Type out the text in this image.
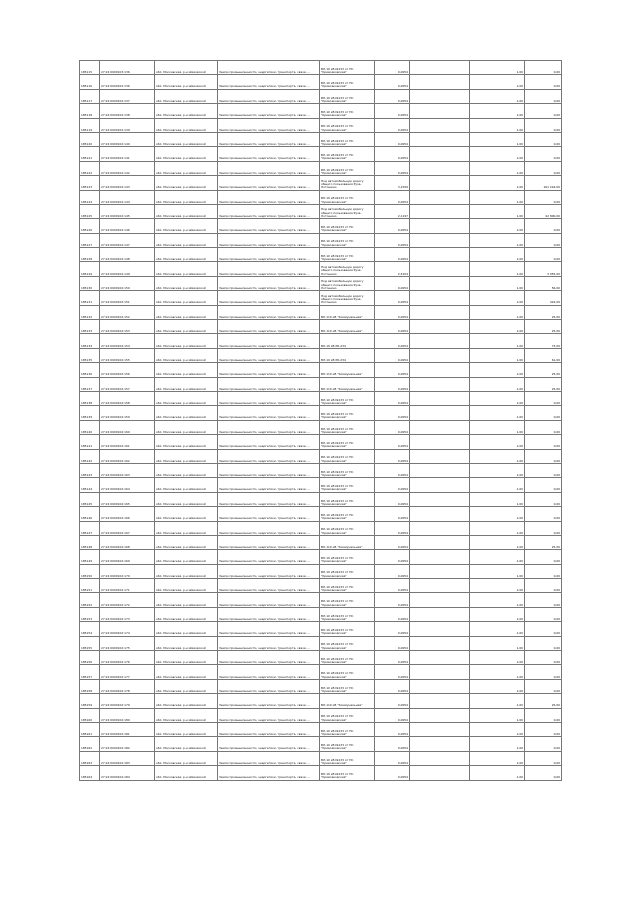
185115	27:22:0000103:136	обл. Московская, р-н Шаховской	Земли промышленности, энергетики, транспорта, связи, ...	ВЛ-10 кВ №133 от ПС "Кривояковская"	0,0054		1,00	0,00
185116	27:22:0000102:136	обл. Московская, р-н Шаховской	Земли промышленности, энергетики, транспорта, связи, ...	ВЛ-10 кВ №133 от ПС "Кривояковская"	0,0054		1,00	0,00
185117	27:22:0000102:137	обл. Московская, р-н Шаховской	Земли промышленности, энергетики, транспорта, связи, ...	ВЛ-10 кВ №133 от ПС "Кривояковская"	0,0054		1,00	0,00
185118	27:22:0000102:138	обл. Московская, р-н Шаховской	Земли промышленности, энергетики, транспорта, связи, ...	ВЛ-10 кВ №133 от ПС "Кривояковская"	0,0054		1,00	0,00
185119	27:22:0000102:139	обл. Московская, р-н Шаховской	Земли промышленности, энергетики, транспорта, связи, ...	ВЛ-10 кВ №133 от ПС "Кривояковская"	0,0054		1,00	0,00
185120	27:22:0000102:140	обл. Московская, р-н Шаховской	Земли промышленности, энергетики, транспорта, связи, ...	ВЛ-10 кВ №133 от ПС "Кривояковская"	0,0054		1,00	0,00
185121	27:22:0000102:141	обл. Московская, р-н Шаховской	Земли промышленности, энергетики, транспорта, связи, ...	ВЛ-10 кВ №133 от ПС "Кривояковская"	0,0054		1,00	0,00
185122	27:22:0000102:142	обл. Московская, р-н Шаховской	Земли промышленности, энергетики, транспорта, связи, ...	ВЛ-10 кВ №133 от ПС "Кривояковская"	0,0054		1,00	0,00
185123	27:22:0000102:143	обл. Московская, р-н Шаховской	Земли промышленности, энергетики, транспорта, связи, ...	Под автомобильную дорогу общего пользования Руза-Лотошино	3,1599		1,00	161 244,00
185124	27:22:0000102:144	обл. Московская, р-н Шаховской	Земли промышленности, энергетики, транспорта, связи, ...	ВЛ-10 кВ №133 от ПС "Кривояковская"	0,0054		1,00	0,00
185125	27:22:0000102:145	обл. Московская, р-н Шаховской	Земли промышленности, энергетики, транспорта, связи, ...	Под автомобильную дорогу общего пользования Руза-Лотошино	2,1197		1,00	42 800,00
185126	27:22:0000102:146	обл. Московская, р-н Шаховской	Земли промышленности, энергетики, транспорта, связи, ...	ВЛ-10 кВ №133 от ПС "Кривояковская"	0,0054		1,00	0,00
185127	27:22:0000102:147	обл. Московская, р-н Шаховской	Земли промышленности, энергетики, транспорта, связи, ...	ВЛ-10 кВ №133 от ПС "Кривояковская"	0,0054		1,00	0,00
185128	27:22:0000102:148	обл. Московская, р-н Шаховской	Земли промышленности, энергетики, транспорта, связи, ...	ВЛ-10 кВ №133 от ПС "Кривояковская"	0,0054		1,00	0,00
185129	27:22:0000102:149	обл. Московская, р-н Шаховской	Земли промышленности, энергетики, транспорта, связи, ...	Под автомобильную дорогу общего пользования Руза-Лотошино	2,5104		1,00	3 955,00
185130	27:22:0000102:150	обл. Московская, р-н Шаховской	Земли промышленности, энергетики, транспорта, связи, ...	Под автомобильную дорогу общего пользования Руза-Лотошино	0,0054		1,00	56,00
185131	27:22:0000102:151	обл. Московская, р-н Шаховской	Земли промышленности, энергетики, транспорта, связи, ...	Под автомобильную дорогу общего пользования Руза-Лотошино	0,0054		1,00	422,00
185132	27:22:0000102:152	обл. Московская, р-н Шаховской	Земли промышленности, энергетики, транспорта, связи, ...	ВЛ-110 кВ "Коммунальная"	0,0054		1,00	25,00
185133	27:22:0000102:153	обл. Московская, р-н Шаховской	Земли промышленности, энергетики, транспорта, связи, ...	ВЛ-110 кВ "Коммунальная"	0,0054		1,00	25,00
185134	27:22:0000102:154	обл. Московская, р-н Шаховской	Земли промышленности, энергетики, транспорта, связи, ...	ВЛ-10 кВ РК-234	0,0054		1,00	73,00
185135	27:22:0000102:155	обл. Московская, р-н Шаховской	Земли промышленности, энергетики, транспорта, связи, ...	ВЛ-10 кВ РК-234	0,0054		1,00	61,00
185136	27:22:0000102:156	обл. Московская, р-н Шаховской	Земли промышленности, энергетики, транспорта, связи, ...	ВЛ-110 кВ "Коммунальная"	0,0054		1,00	25,00
185137	27:22:0000102:157	обл. Московская, р-н Шаховской	Земли промышленности, энергетики, транспорта, связи, ...	ВЛ-110 кВ "Коммунальная"	0,0054		1,00	25,00
185138	27:22:0000102:158	обл. Московская, р-н Шаховской	Земли промышленности, энергетики, транспорта, связи, ...	ВЛ-10 кВ №133 от ПС "Кривояковская"	0,0054		1,00	0,00
185139	27:22:0000102:159	обл. Московская, р-н Шаховской	Земли промышленности, энергетики, транспорта, связи, ...	ВЛ-10 кВ №133 от ПС "Кривояковская"	0,0054		1,00	0,00
185140	27:22:0000102:160	обл. Московская, р-н Шаховской	Земли промышленности, энергетики, транспорта, связи, ...	ВЛ-10 кВ №133 от ПС "Кривояковская"	0,0054		1,00	0,00
185141	27:22:0000102:161	обл. Московская, р-н Шаховской	Земли промышленности, энергетики, транспорта, связи, ...	ВЛ-10 кВ №133 от ПС "Кривояковская"	0,0054		1,00	0,00
185142	27:22:0000102:162	обл. Московская, р-н Шаховской	Земли промышленности, энергетики, транспорта, связи, ...	ВЛ-10 кВ №133 от ПС "Кривояковская"	0,0054		1,00	0,00
185143	27:22:0000102:163	обл. Московская, р-н Шаховской	Земли промышленности, энергетики, транспорта, связи, ...	ВЛ-10 кВ №133 от ПС "Кривояковская"	0,0054		1,00	0,00
185144	27:22:0000102:164	обл. Московская, р-н Шаховской	Земли промышленности, энергетики, транспорта, связи, ...	ВЛ-10 кВ №133 от ПС "Кривояковская"	0,0054		1,00	0,00
185145	27:22:0000102:165	обл. Московская, р-н Шаховской	Земли промышленности, энергетики, транспорта, связи, ...	ВЛ-10 кВ №133 от ПС "Кривояковская"	0,0054		1,00	0,00
185146	27:22:0000102:166	обл. Московская, р-н Шаховской	Земли промышленности, энергетики, транспорта, связи, ...	ВЛ-10 кВ №133 от ПС "Кривояковская"	0,0054		1,00	0,00
185147	27:22:0000102:167	обл. Московская, р-н Шаховской	Земли промышленности, энергетики, транспорта, связи, ...	ВЛ-10 кВ №133 от ПС "Кривояковская"	0,0054		1,00	0,00
185148	27:22:0000102:168	обл. Московская, р-н Шаховской	Земли промышленности, энергетики, транспорта, связи, ...	ВЛ-110 кВ "Коммунальная"	0,0054		1,00	25,00
185149	27:22:0000102:169	обл. Московская, р-н Шаховской	Земли промышленности, энергетики, транспорта, связи, ...	ВЛ-10 кВ №133 от ПС "Кривояковская"	0,0054		1,00	0,00
185150	27:22:0000102:170	обл. Московская, р-н Шаховской	Земли промышленности, энергетики, транспорта, связи, ...	ВЛ-10 кВ №133 от ПС "Кривояковская"	0,0054		1,00	0,00
185151	27:22:0000102:171	обл. Московская, р-н Шаховской	Земли промышленности, энергетики, транспорта, связи, ...	ВЛ-10 кВ №133 от ПС "Кривояковская"	0,0054		1,00	0,00
185152	27:22:0000102:172	обл. Московская, р-н Шаховской	Земли промышленности, энергетики, транспорта, связи, ...	ВЛ-10 кВ №133 от ПС "Кривояковская"	0,0054		1,00	0,00
185153	27:22:0000102:173	обл. Московская, р-н Шаховской	Земли промышленности, энергетики, транспорта, связи, ...	ВЛ-10 кВ №133 от ПС "Кривояковская"	0,0054		1,00	0,00
185154	27:22:0000102:174	обл. Московская, р-н Шаховской	Земли промышленности, энергетики, транспорта, связи, ...	ВЛ-10 кВ №133 от ПС "Кривояковская"	0,0054		1,00	0,00
185155	27:22:0000102:175	обл. Московская, р-н Шаховской	Земли промышленности, энергетики, транспорта, связи, ...	ВЛ-10 кВ №133 от ПС "Кривояковская"	0,0054		1,00	0,00
185156	27:22:0000102:176	обл. Московская, р-н Шаховской	Земли промышленности, энергетики, транспорта, связи, ...	ВЛ-10 кВ №133 от ПС "Кривояковская"	0,0054		1,00	0,00
185157	27:22:0000102:177	обл. Московская, р-н Шаховской	Земли промышленности, энергетики, транспорта, связи, ...	ВЛ-10 кВ №133 от ПС "Кривояковская"	0,0054		1,00	0,00
185158	27:22:0000102:178	обл. Московская, р-н Шаховской	Земли промышленности, энергетики, транспорта, связи, ...	ВЛ-10 кВ №133 от ПС "Кривояковская"	0,0054		1,00	0,00
185159	27:22:0000102:179	обл. Московская, р-н Шаховской	Земли промышленности, энергетики, транспорта, связи, ...	ВЛ-110 кВ "Коммунальная"	0,0054		1,00	25,00
185160	27:22:0000102:180	обл. Московская, р-н Шаховской	Земли промышленности, энергетики, транспорта, связи, ...	ВЛ-10 кВ №133 от ПС "Кривояковская"	0,0054		1,00	0,00
185161	27:22:0000102:181	обл. Московская, р-н Шаховской	Земли промышленности, энергетики, транспорта, связи, ...	ВЛ-10 кВ №133 от ПС "Кривояковская"	0,0054		1,00	0,00
185162	27:22:0000102:182	обл. Московская, р-н Шаховской	Земли промышленности, энергетики, транспорта, связи, ...	ВЛ-10 кВ №133 от ПС "Кривояковская"	0,0054		1,00	0,00
185163	27:22:0000102:183	обл. Московская, р-н Шаховской	Земли промышленности, энергетики, транспорта, связи, ...	ВЛ-10 кВ №133 от ПС "Кривояковская"	0,0054		1,00	0,00
185164	27:22:0000102:184	обл. Московская, р-н Шаховской	Земли промышленности, энергетики, транспорта, связи, ...	ВЛ-10 кВ №133 от ПС "Кривояковская"	0,0054		1,00	0,00
